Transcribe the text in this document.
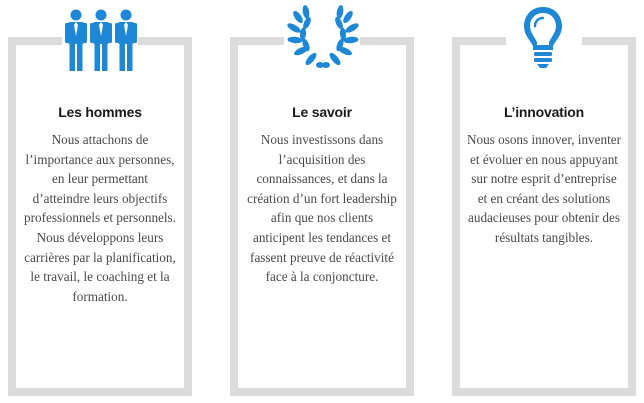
Les hommes
Nous attachons de l’importance aux personnes, en leur permettant d’atteindre leurs objectifs professionnels et personnels. Nous développons leurs carrières par la planification, le travail, le coaching et la formation.
Le savoir
Nous investissons dans l’acquisition des connaissances, et dans la création d’un fort leadership afin que nos clients anticipent les tendances et fassent preuve de réactivité face à la conjoncture.
L’innovation
Nous osons innover, inventer et évoluer en nous appuyant sur notre esprit d’entreprise et en créant des solutions audacieuses pour obtenir des résultats tangibles.
